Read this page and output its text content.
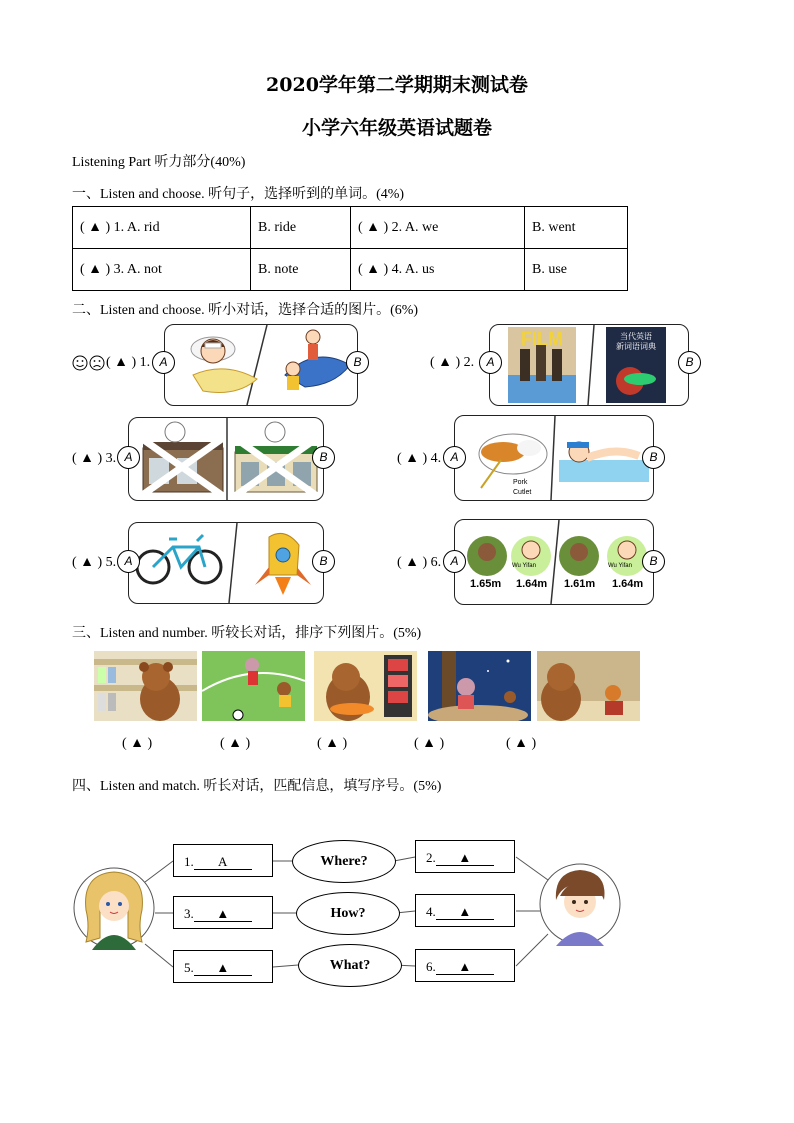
2020学年第二学期期末测试卷
小学六年级英语试题卷
Listening Part 听力部分(40%)
一、Listen and choose. 听句子，选择听到的单词。(4%)
( ▲ ) 1. A. rid	B. ride	( ▲ ) 2. A. we	B. went
( ▲ ) 3. A. not	B. note	( ▲ ) 4. A. us	B. use
二、Listen and choose. 听小对话，选择合适的图片。(6%)
( ▲ ) 1. A	B	( ▲ ) 2.
FILM	当代英语
新词语词典
A	B
( ▲ ) 3. A	B	( ▲ ) 4.
Pork
Cutlet
A	B
( ▲ ) 5. A	B	( ▲ ) 6.	Wu Yifan	Wu Yifan
1.65m 1.64m 1.61m 1.64m
A	B
三、Listen and number. 听较长对话，排序下列图片。(5%)
( ▲ )	( ▲ )	( ▲ )	( ▲ )	( ▲ )
四、Listen and match. 听长对话，匹配信息，填写序号。(5%)
1. A
3. ▲
5. ▲
Where?
How?
What?
2. ▲
4. ▲
6. ▲
